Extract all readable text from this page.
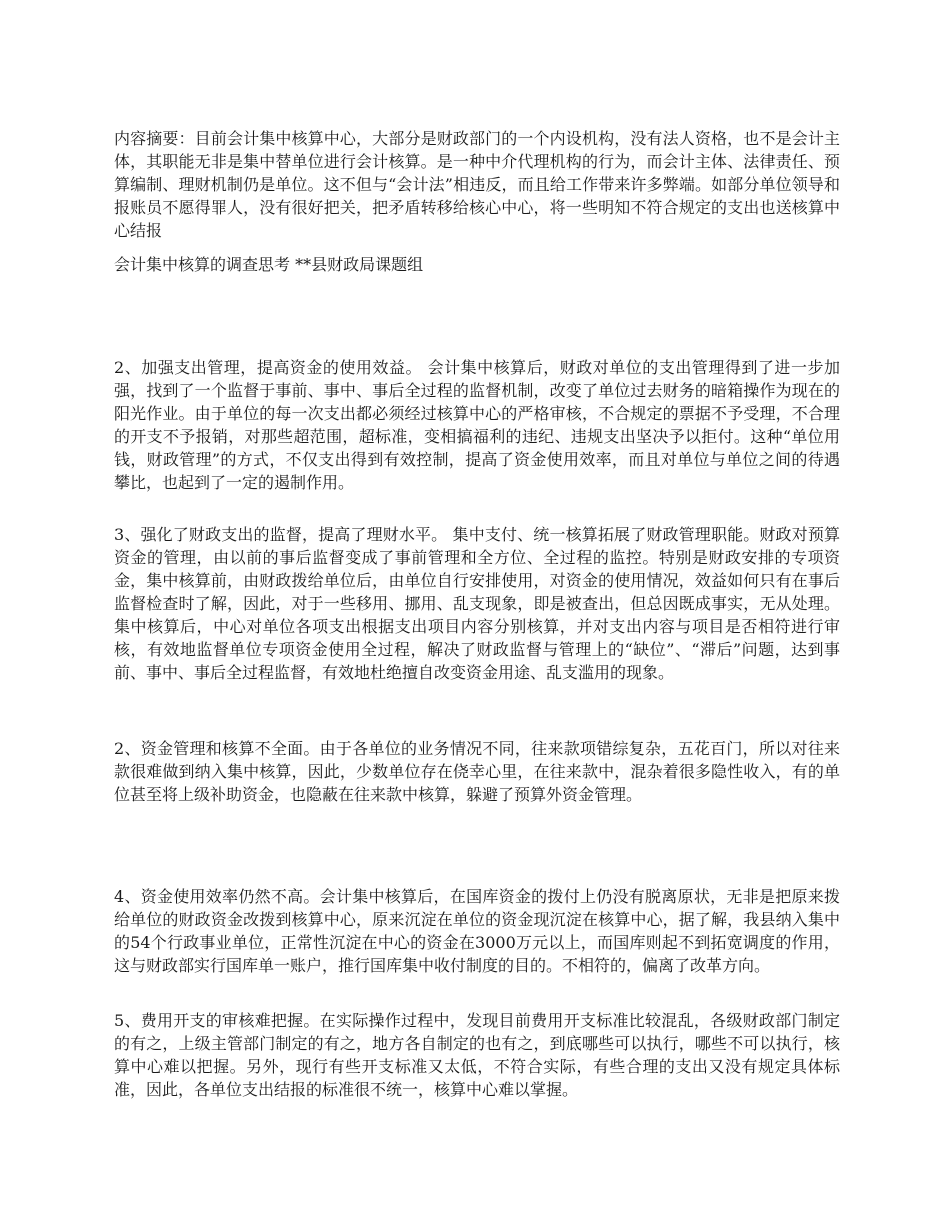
内容摘要：目前会计集中核算中心，大部分是财政部门的一个内设机构，没有法人资格，也不是会计主体，其职能无非是集中替单位进行会计核算。是一种中介代理机构的行为，而会计主体、法律责任、预算编制、理财机制仍是单位。这不但与“会计法”相违反，而且给工作带来许多弊端。如部分单位领导和报账员不愿得罪人，没有很好把关，把矛盾转移给核心中心，将一些明知不符合规定的支出也送核算中心结报

会计集中核算的调查思考 **县财政局课题组

2、加强支出管理，提高资金的使用效益。 会计集中核算后，财政对单位的支出管理得到了进一步加强，找到了一个监督于事前、事中、事后全过程的监督机制，改变了单位过去财务的暗箱操作为现在的阳光作业。由于单位的每一次支出都必须经过核算中心的严格审核，不合规定的票据不予受理，不合理的开支不予报销，对那些超范围，超标准，变相搞福利的违纪、违规支出坚决予以拒付。这种“单位用钱，财政管理”的方式，不仅支出得到有效控制，提高了资金使用效率，而且对单位与单位之间的待遇攀比，也起到了一定的遏制作用。

3、强化了财政支出的监督，提高了理财水平。 集中支付、统一核算拓展了财政管理职能。财政对预算资金的管理，由以前的事后监督变成了事前管理和全方位、全过程的监控。特别是财政安排的专项资金，集中核算前，由财政拨给单位后，由单位自行安排使用，对资金的使用情况，效益如何只有在事后监督检查时了解，因此，对于一些移用、挪用、乱支现象，即是被查出，但总因既成事实，无从处理。集中核算后，中心对单位各项支出根据支出项目内容分别核算，并对支出内容与项目是否相符进行审核，有效地监督单位专项资金使用全过程，解决了财政监督与管理上的“缺位”、“滞后”问题，达到事前、事中、事后全过程监督，有效地杜绝擅自改变资金用途、乱支滥用的现象。

2、资金管理和核算不全面。由于各单位的业务情况不同，往来款项错综复杂，五花百门，所以对往来款很难做到纳入集中核算，因此，少数单位存在侥幸心里，在往来款中，混杂着很多隐性收入，有的单位甚至将上级补助资金，也隐蔽在往来款中核算，躲避了预算外资金管理。

4、资金使用效率仍然不高。会计集中核算后，在国库资金的拨付上仍没有脱离原状，无非是把原来拨给单位的财政资金改拨到核算中心，原来沉淀在单位的资金现沉淀在核算中心，据了解，我县纳入集中的54个行政事业单位，正常性沉淀在中心的资金在3000万元以上，而国库则起不到拓宽调度的作用，这与财政部实行国库单一账户，推行国库集中收付制度的目的。不相符的，偏离了改革方向。

5、费用开支的审核难把握。在实际操作过程中，发现目前费用开支标准比较混乱，各级财政部门制定的有之，上级主管部门制定的有之，地方各自制定的也有之，到底哪些可以执行，哪些不可以执行，核算中心难以把握。另外，现行有些开支标准又太低，不符合实际，有些合理的支出又没有规定具体标准，因此，各单位支出结报的标准很不统一，核算中心难以掌握。
